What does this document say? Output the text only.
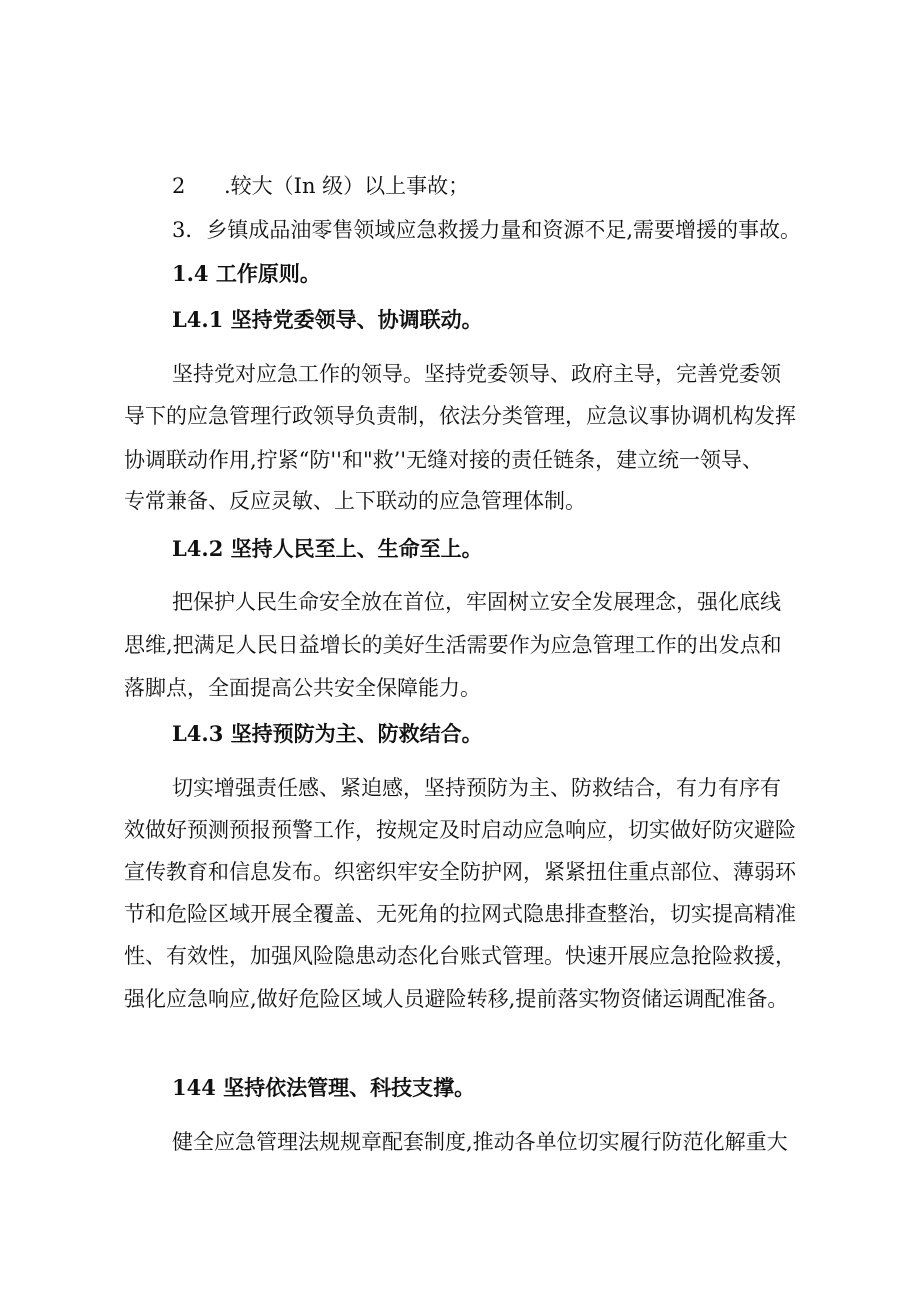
2 .较大（In 级）以上事故；

3．乡镇成品油零售领域应急救援力量和资源不足,需要增援的事故。

1.4 工作原则。

L4.1 坚持党委领导、协调联动。

坚持党对应急工作的领导。坚持党委领导、政府主导，完善党委领

导下的应急管理行政领导负责制，依法分类管理，应急议事协调机构发挥

协调联动作用,拧紧“防''和"救’'无缝对接的责任链条，建立统一领导、

专常兼备、反应灵敏、上下联动的应急管理体制。

L4.2 坚持人民至上、生命至上。

把保护人民生命安全放在首位，牢固树立安全发展理念，强化底线

思维,把满足人民日益增长的美好生活需要作为应急管理工作的出发点和

落脚点，全面提高公共安全保障能力。

L4.3 坚持预防为主、防救结合。

切实增强责任感、紧迫感，坚持预防为主、防救结合，有力有序有

效做好预测预报预警工作，按规定及时启动应急响应，切实做好防灾避险

宣传教育和信息发布。织密织牢安全防护网，紧紧扭住重点部位、薄弱环

节和危险区域开展全覆盖、无死角的拉网式隐患排查整治，切实提高精准

性、有效性，加强风险隐患动态化台账式管理。快速开展应急抢险救援，

强化应急响应,做好危险区域人员避险转移,提前落实物资储运调配准备。

144 坚持依法管理、科技支撑。

健全应急管理法规规章配套制度,推动各单位切实履行防范化解重大
